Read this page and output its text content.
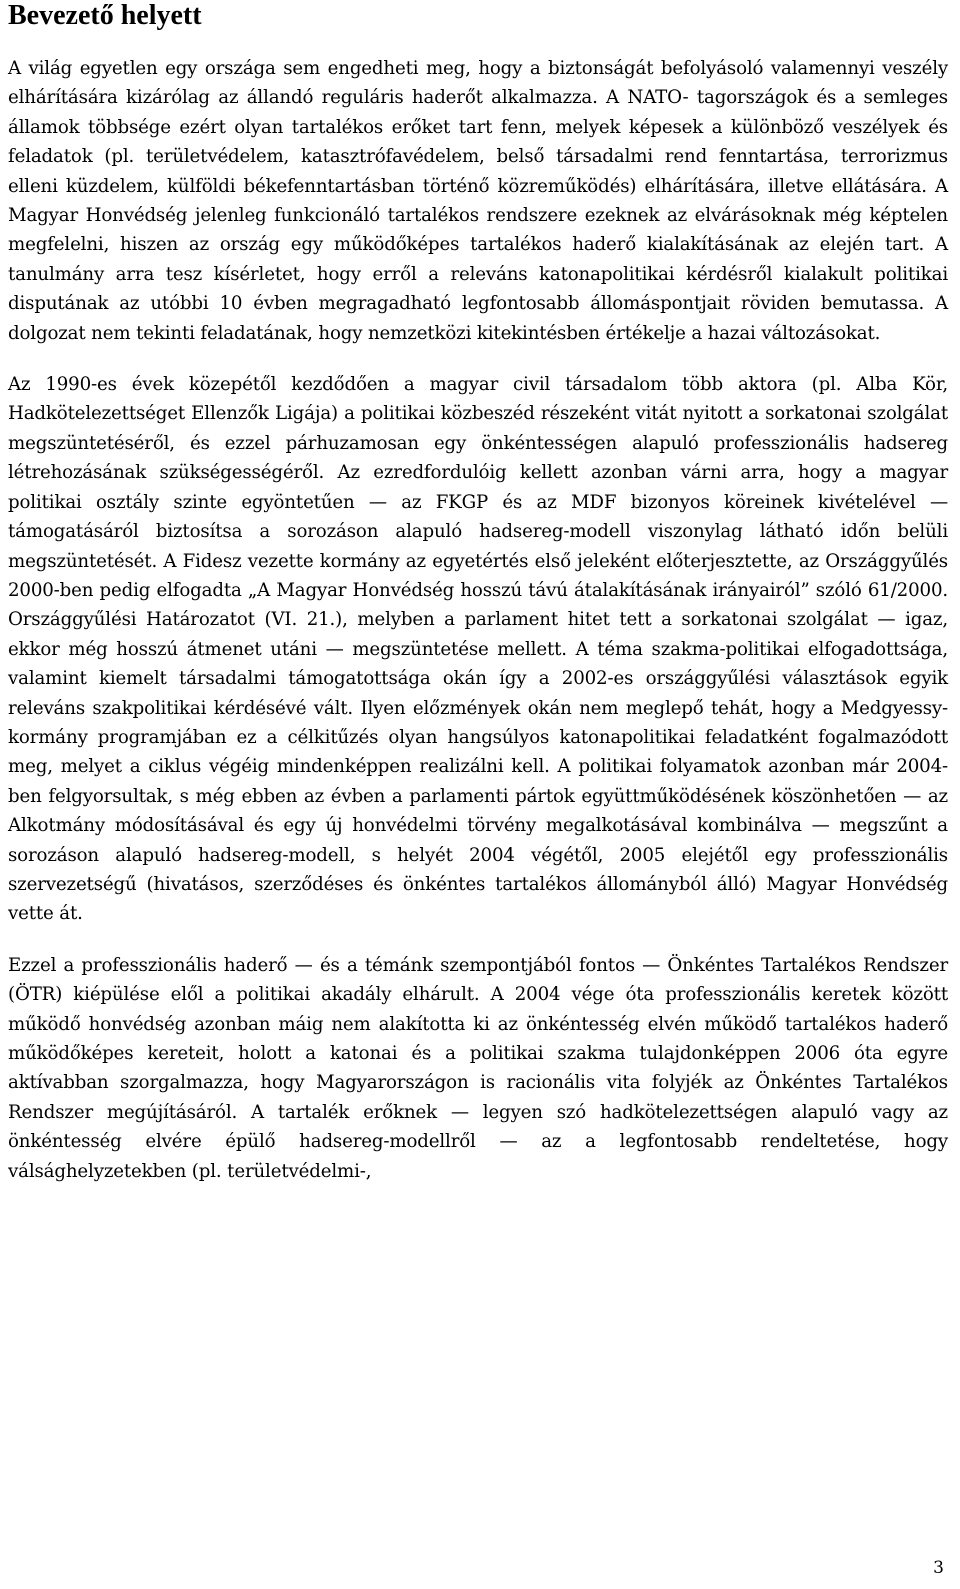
Bevezető helyett

A világ egyetlen egy országa sem engedheti meg, hogy a biztonságát befolyásoló valamennyi veszély elhárítására kizárólag az állandó reguláris haderőt alkalmazza. A NATO- tagországok és a semleges államok többsége ezért olyan tartalékos erőket tart fenn, melyek képesek a különböző veszélyek és feladatok (pl. területvédelem, katasztrófavédelem, belső társadalmi rend fenntartása, terrorizmus elleni küzdelem, külföldi békefenntartásban történő közreműködés) elhárítására, illetve ellátására. A Magyar Honvédség jelenleg funkcionáló tartalékos rendszere ezeknek az elvárásoknak még képtelen megfelelni, hiszen az ország egy működőképes tartalékos haderő kialakításának az elején tart. A tanulmány arra tesz kísérletet, hogy erről a releváns katonapolitikai kérdésről kialakult politikai disputának az utóbbi 10 évben megragadható legfontosabb állomáspontjait röviden bemutassa. A dolgozat nem tekinti feladatának, hogy nemzetközi kitekintésben értékelje a hazai változásokat.

Az 1990-es évek közepétől kezdődően a magyar civil társadalom több aktora (pl. Alba Kör, Hadkötelezettséget Ellenzők Ligája) a politikai közbeszéd részeként vitát nyitott a sorkatonai szolgálat megszüntetéséről, és ezzel párhuzamosan egy önkéntességen alapuló professzionális hadsereg létrehozásának szükségességéről. Az ezredfordulóig kellett azonban várni arra, hogy a magyar politikai osztály szinte egyöntetűen — az FKGP és az MDF bizonyos köreinek kivételével — támogatásáról biztosítsa a sorozáson alapuló hadsereg-modell viszonylag látható időn belüli megszüntetését. A Fidesz vezette kormány az egyetértés első jeleként előterjesztette, az Országgyűlés 2000-ben pedig elfogadta „A Magyar Honvédség hosszú távú átalakításának irányairól” szóló 61/2000. Országgyűlési Határozatot (VI. 21.), melyben a parlament hitet tett a sorkatonai szolgálat — igaz, ekkor még hosszú átmenet utáni — megszüntetése mellett. A téma szakma-politikai elfogadottsága, valamint kiemelt társadalmi támogatottsága okán így a 2002-es országgyűlési választások egyik releváns szakpolitikai kérdésévé vált. Ilyen előzmények okán nem meglepő tehát, hogy a Medgyessy-kormány programjában ez a célkitűzés olyan hangsúlyos katonapolitikai feladatként fogalmazódott meg, melyet a ciklus végéig mindenképpen realizálni kell. A politikai folyamatok azonban már 2004-ben felgyorsultak, s még ebben az évben a parlamenti pártok együttműködésének köszönhetően — az Alkotmány módosításával és egy új honvédelmi törvény megalkotásával kombinálva — megszűnt a sorozáson alapuló hadsereg-modell, s helyét 2004 végétől, 2005 elejétől egy professzionális szervezetségű (hivatásos, szerződéses és önkéntes tartalékos állományból álló) Magyar Honvédség vette át.

Ezzel a professzionális haderő — és a témánk szempontjából fontos — Önkéntes Tartalékos Rendszer (ÖTR) kiépülése elől a politikai akadály elhárult. A 2004 vége óta professzionális keretek között működő honvédség azonban máig nem alakította ki az önkéntesség elvén működő tartalékos haderő működőképes kereteit, holott a katonai és a politikai szakma tulajdonképpen 2006 óta egyre aktívabban szorgalmazza, hogy Magyarországon is racionális vita folyjék az Önkéntes Tartalékos Rendszer megújításáról. A tartalék erőknek — legyen szó hadkötelezettségen alapuló vagy az önkéntesség elvére épülő hadsereg-modellről — az a legfontosabb rendeltetése, hogy válsághelyzetekben (pl. területvédelmi-,

3
